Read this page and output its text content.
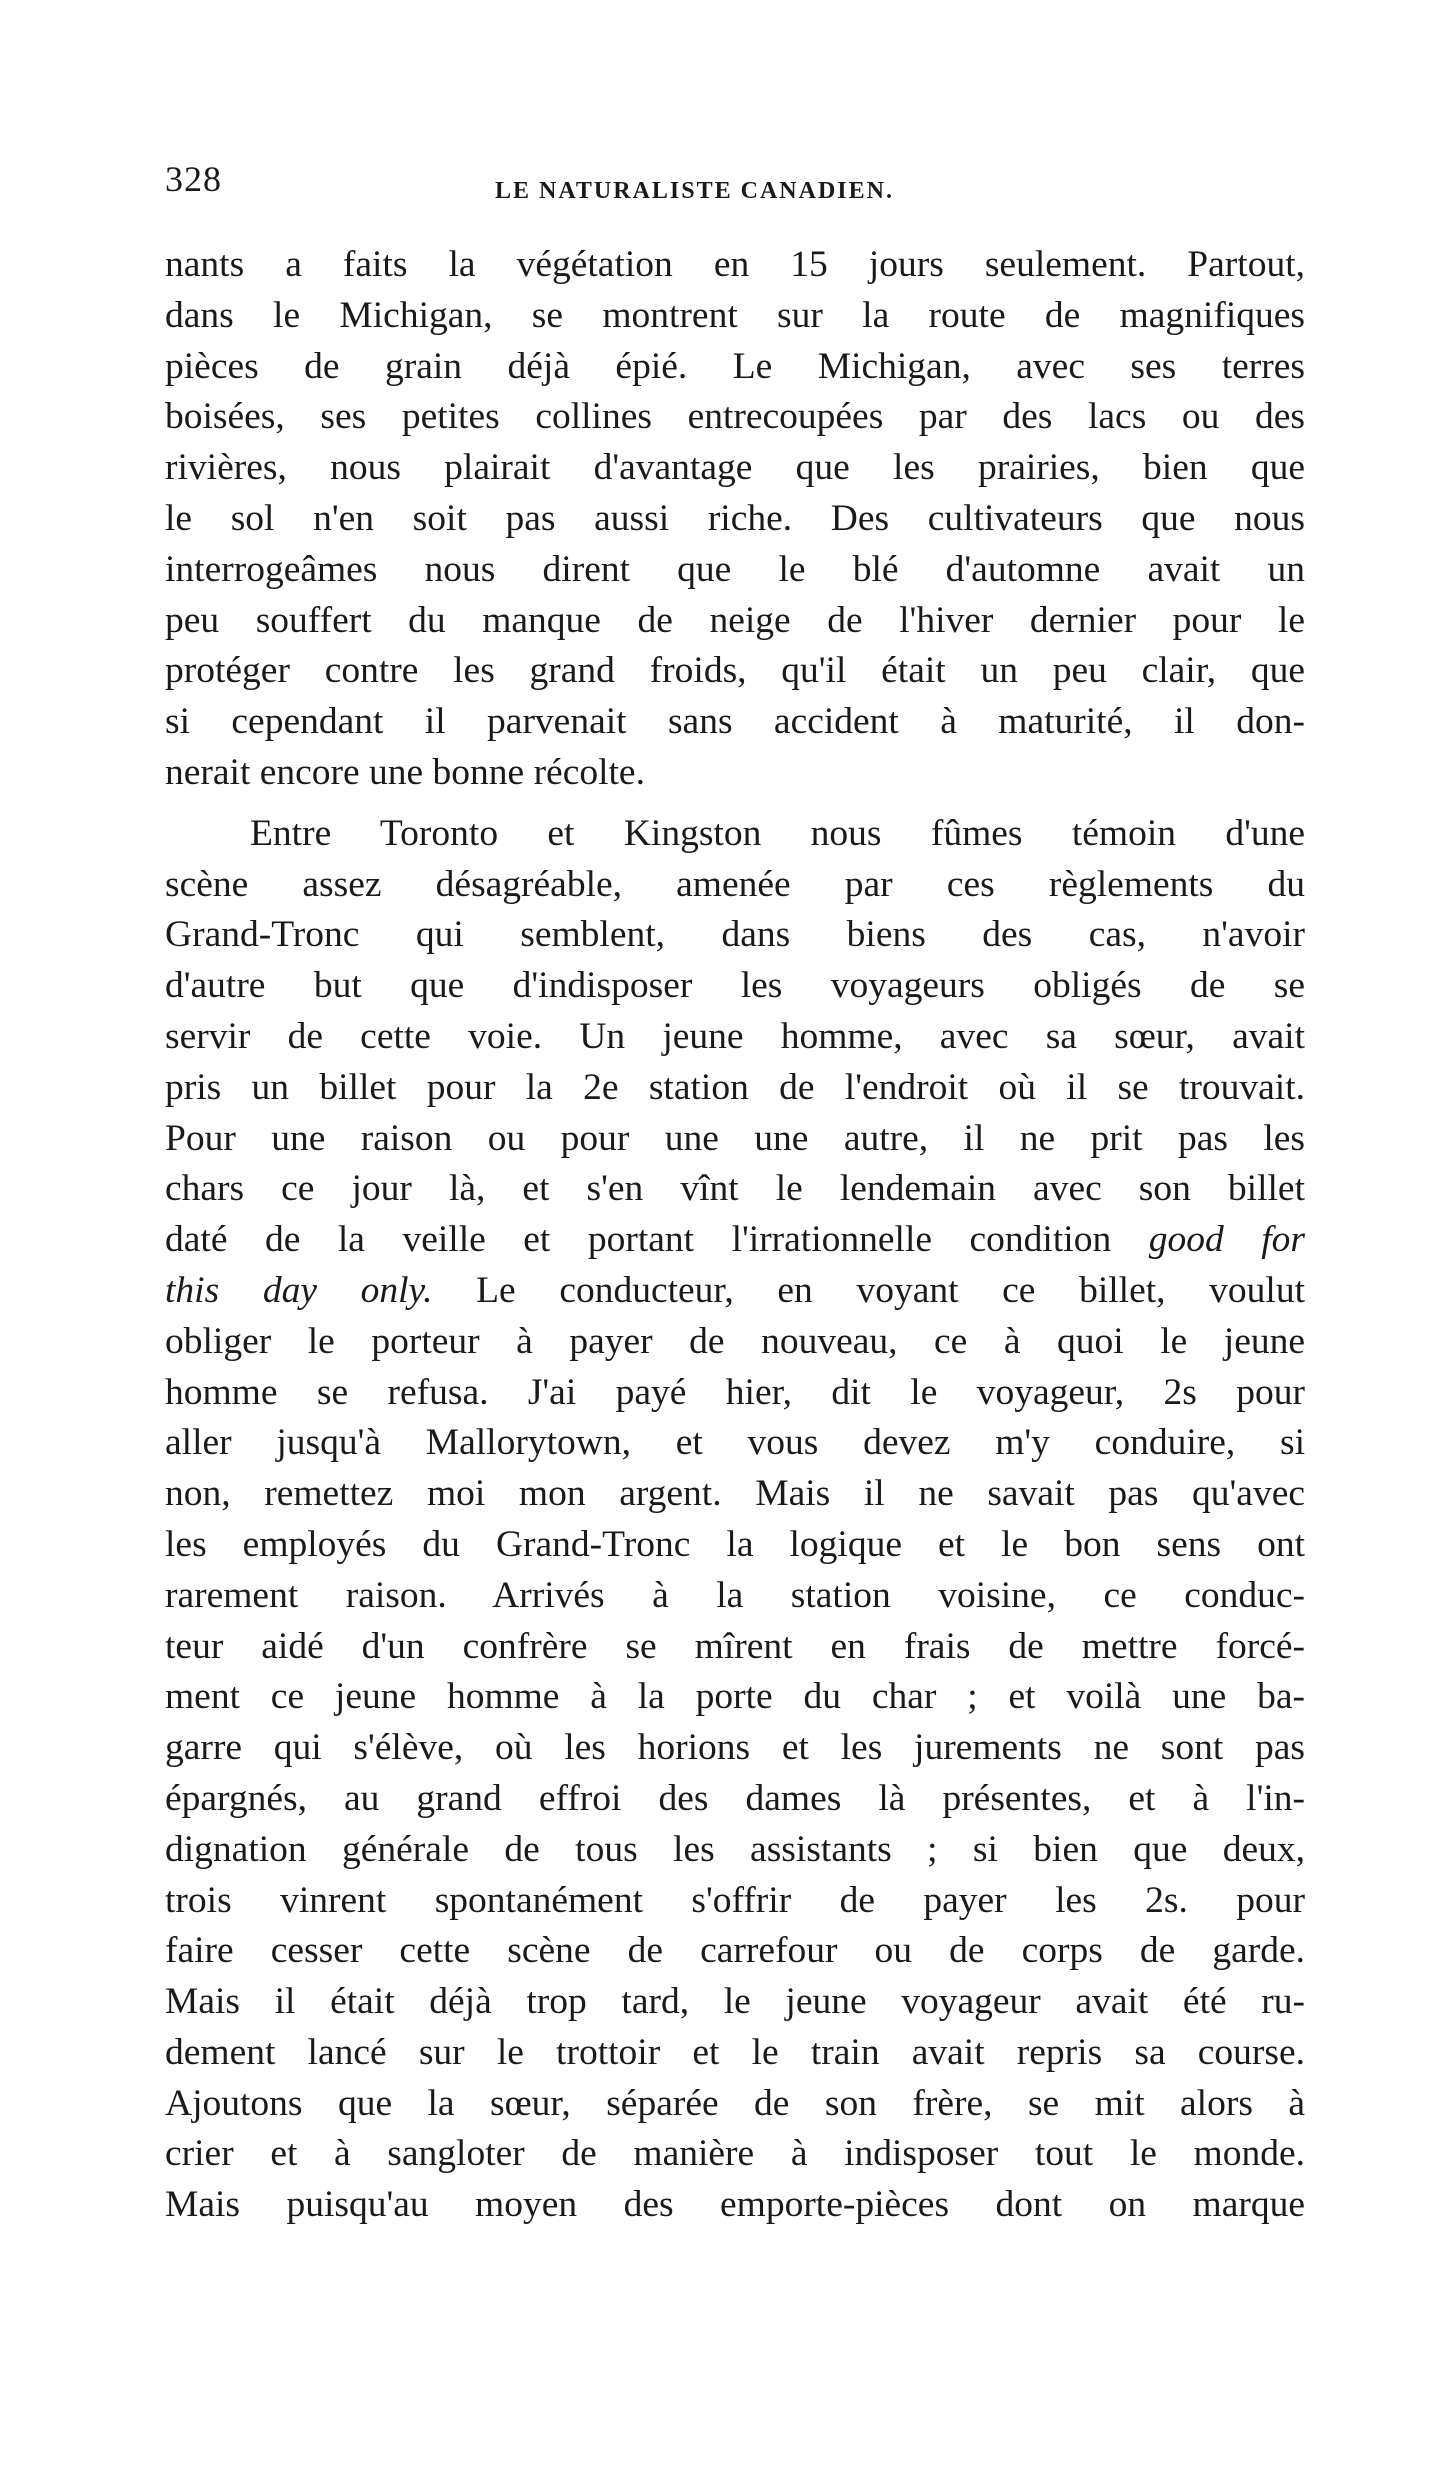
328	LE NATURALISTE CANADIEN.

nants a faits la végétation en 15 jours seulement. Partout,
dans le Michigan, se montrent sur la route de magnifiques
pièces de grain déjà épié. Le Michigan, avec ses terres
boisées, ses petites collines entrecoupées par des lacs ou des
rivières, nous plairait d'avantage que les prairies, bien que
le sol n'en soit pas aussi riche. Des cultivateurs que nous
interrogeâmes nous dirent que le blé d'automne avait un
peu souffert du manque de neige de l'hiver dernier pour le
protéger contre les grand froids, qu'il était un peu clair, que
si cependant il parvenait sans accident à maturité, il don-
nerait encore une bonne récolte.

Entre Toronto et Kingston nous fûmes témoin d'une
scène assez désagréable, amenée par ces règlements du
Grand-Tronc qui semblent, dans biens des cas, n'avoir
d'autre but que d'indisposer les voyageurs obligés de se
servir de cette voie. Un jeune homme, avec sa sœur, avait
pris un billet pour la 2e station de l'endroit où il se trouvait.
Pour une raison ou pour une une autre, il ne prit pas les
chars ce jour là, et s'en vînt le lendemain avec son billet
daté de la veille et portant l'irrationnelle condition good for
this day only. Le conducteur, en voyant ce billet, voulut
obliger le porteur à payer de nouveau, ce à quoi le jeune
homme se refusa. J'ai payé hier, dit le voyageur, 2s pour
aller jusqu'à Mallorytown, et vous devez m'y conduire, si
non, remettez moi mon argent. Mais il ne savait pas qu'avec
les employés du Grand-Tronc la logique et le bon sens ont
rarement raison. Arrivés à la station voisine, ce conduc-
teur aidé d'un confrère se mîrent en frais de mettre forcé-
ment ce jeune homme à la porte du char ; et voilà une ba-
garre qui s'élève, où les horions et les jurements ne sont pas
épargnés, au grand effroi des dames là présentes, et à l'in-
dignation générale de tous les assistants ; si bien que deux,
trois vinrent spontanément s'offrir de payer les 2s. pour
faire cesser cette scène de carrefour ou de corps de garde.
Mais il était déjà trop tard, le jeune voyageur avait été ru-
dement lancé sur le trottoir et le train avait repris sa course.
Ajoutons que la sœur, séparée de son frère, se mit alors à
crier et à sangloter de manière à indisposer tout le monde.
Mais puisqu'au moyen des emporte-pièces dont on marque
